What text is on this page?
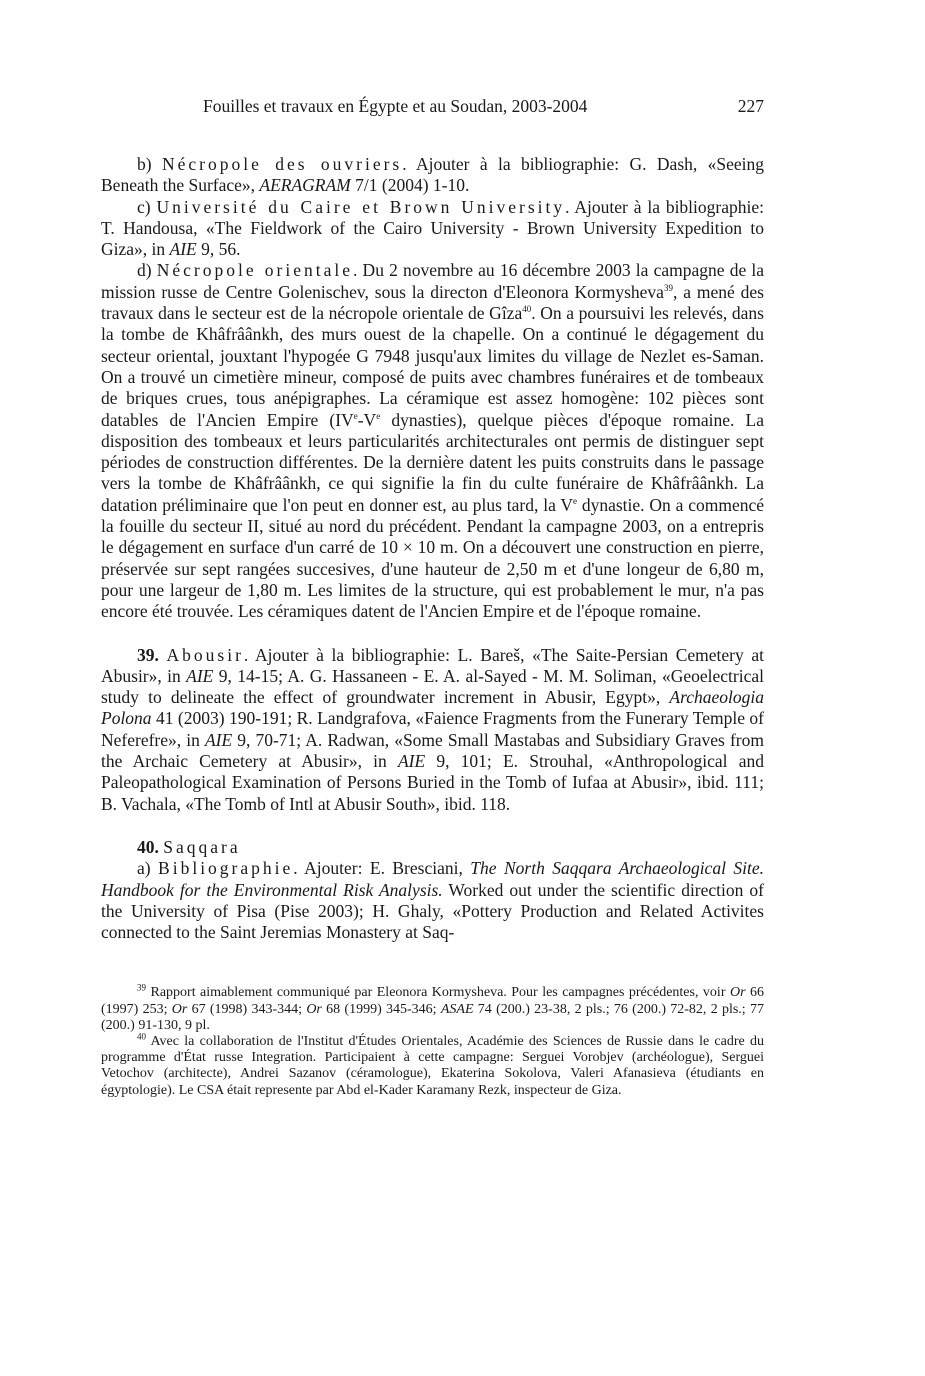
Fouilles et travaux en Égypte et au Soudan, 2003-2004	227

b) Nécropole des ouvriers. Ajouter à la bibliographie: G. Dash, «Seeing Beneath the Surface», AERAGRAM 7/1 (2004) 1-10.

c) Université du Caire et Brown University. Ajouter à la bibliographie: T. Handousa, «The Fieldwork of the Cairo University - Brown University Expedition to Giza», in AIE 9, 56.

d) Nécropole orientale. Du 2 novembre au 16 décembre 2003 la campagne de la mission russe de Centre Golenischev, sous la directon d'Eleonora Kormysheva$^{39}$, a mené des travaux dans le secteur est de la nécropole orientale de Gîza$^{40}$. On a poursuivi les relevés, dans la tombe de Khâfrâânkh, des murs ouest de la chapelle. On a continué le dégagement du secteur oriental, jouxtant l'hypogée G 7948 jusqu'aux limites du village de Nezlet es-Saman. On a trouvé un cimetière mineur, composé de puits avec chambres funéraires et de tombeaux de briques crues, tous anépigraphes. La céramique est assez homogène: 102 pièces sont datables de l'Ancien Empire (IVe-Ve dynasties), quelque pièces d'époque romaine. La disposition des tombeaux et leurs particularités architecturales ont permis de distinguer sept périodes de construction différentes. De la dernière datent les puits construits dans le passage vers la tombe de Khâfrâânkh, ce qui signifie la fin du culte funéraire de Khâfrâânkh. La datation préliminaire que l'on peut en donner est, au plus tard, la Ve dynastie. On a commencé la fouille du secteur II, situé au nord du précédent. Pendant la campagne 2003, on a entrepris le dégagement en surface d'un carré de 10 × 10 m. On a découvert une construction en pierre, préservée sur sept rangées succesives, d'une hauteur de 2,50 m et d'une longeur de 6,80 m, pour une largeur de 1,80 m. Les limites de la structure, qui est probablement le mur, n'a pas encore été trouvée. Les céramiques datent de l'Ancien Empire et de l'époque romaine.

39. Abousir. Ajouter à la bibliographie: L. Bareš, «The Saite-Persian Cemetery at Abusir», in AIE 9, 14-15; A. G. Hassaneen - E. A. al-Sayed - M. M. Soliman, «Geoelectrical study to delineate the effect of groundwater increment in Abusir, Egypt», Archaeologia Polona 41 (2003) 190-191; R. Landgrafova, «Faience Fragments from the Funerary Temple of Neferefre», in AIE 9, 70-71; A. Radwan, «Some Small Mastabas and Subsidiary Graves from the Archaic Cemetery at Abusir», in AIE 9, 101; E. Strouhal, «Anthropological and Paleopathological Examination of Persons Buried in the Tomb of Iufaa at Abusir», ibid. 111; B. Vachala, «The Tomb of Intl at Abusir South», ibid. 118.

40. Saqqara

a) Bibliographie. Ajouter: E. Bresciani, The North Saqqara Archaeological Site. Handbook for the Environmental Risk Analysis. Worked out under the scientific direction of the University of Pisa (Pise 2003); H. Ghaly, «Pottery Production and Related Activites connected to the Saint Jeremias Monastery at Saq-

$^{39}$ Rapport aimablement communiqué par Eleonora Kormysheva. Pour les campagnes précédentes, voir Or 66 (1997) 253; Or 67 (1998) 343-344; Or 68 (1999) 345-346; ASAE 74 (200.) 23-38, 2 pls.; 76 (200.) 72-82, 2 pls.; 77 (200.) 91-130, 9 pl.

$^{40}$ Avec la collaboration de l'Institut d'Études Orientales, Académie des Sciences de Russie dans le cadre du programme d'État russe Integration. Participaient à cette campagne: Serguei Vorobjev (archéologue), Serguei Vetochov (architecte), Andrei Sazanov (céramologue), Ekaterina Sokolova, Valeri Afanasieva (étudiants en égyptologie). Le CSA était represente par Abd el-Kader Karamany Rezk, inspecteur de Giza.
